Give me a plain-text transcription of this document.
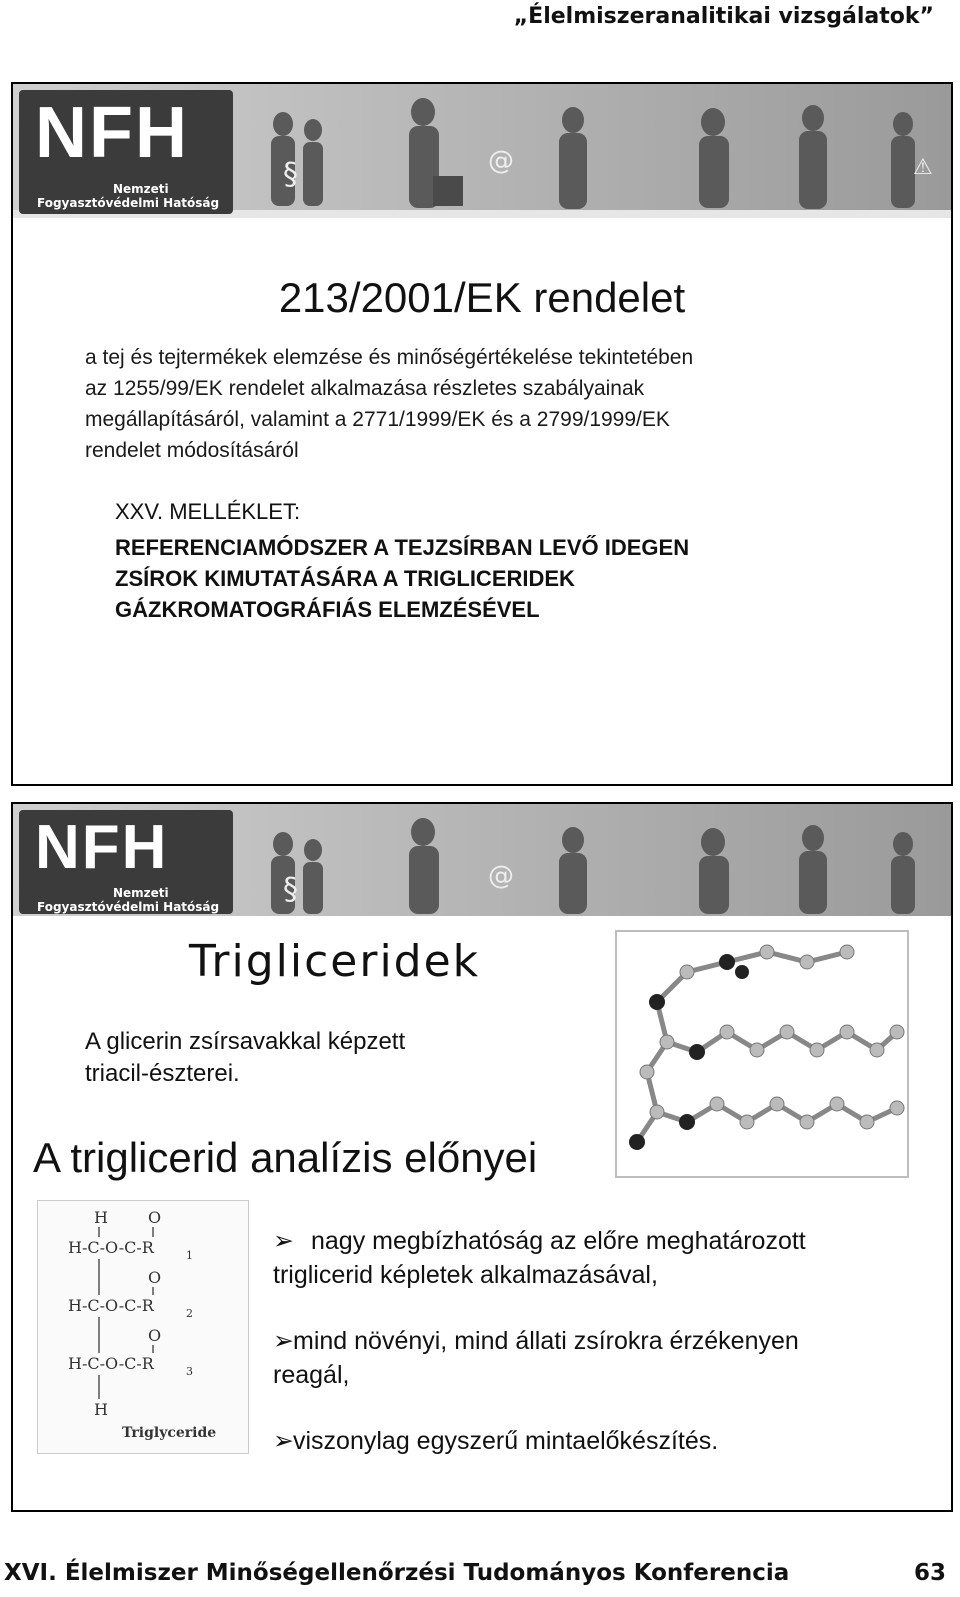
„Élelmiszeranalitikai vizsgálatok”
§	@	⚠
NFH
Nemzeti
Fogyasztóvédelmi Hatóság
213/2001/EK rendelet
a tej és tejtermékek elemzése és minőségértékelése tekintetében
az 1255/99/EK rendelet alkalmazása részletes szabályainak
megállapításáról, valamint a 2771/1999/EK és a 2799/1999/EK
rendelet módosításáról
XXV. MELLÉKLET:
REFERENCIAMÓDSZER A TEJZSÍRBAN LEVŐ IDEGEN
ZSÍROK KIMUTATÁSÁRA A TRIGLICERIDEK
GÁZKROMATOGRÁFIÁS ELEMZÉSÉVEL
§	@
NFH
Nemzeti
Fogyasztóvédelmi Hatóság
Trigliceridek
A glicerin zsírsavakkal képzett
triacil-észterei.
A triglicerid analízis előnyei
H	O
H-C-O-C-R	1
O
H-C-O-C-R	2
O
H-C-O-C-R	3
H
Triglyceride
➢ nagy megbízhatóság az előre meghatározott
triglicerid képletek alkalmazásával,
➢mind növényi, mind állati zsírokra érzékenyen
reagál,
➢viszonylag egyszerű mintaelőkészítés.
XVI. Élelmiszer Minőségellenőrzési Tudományos Konferencia	63
